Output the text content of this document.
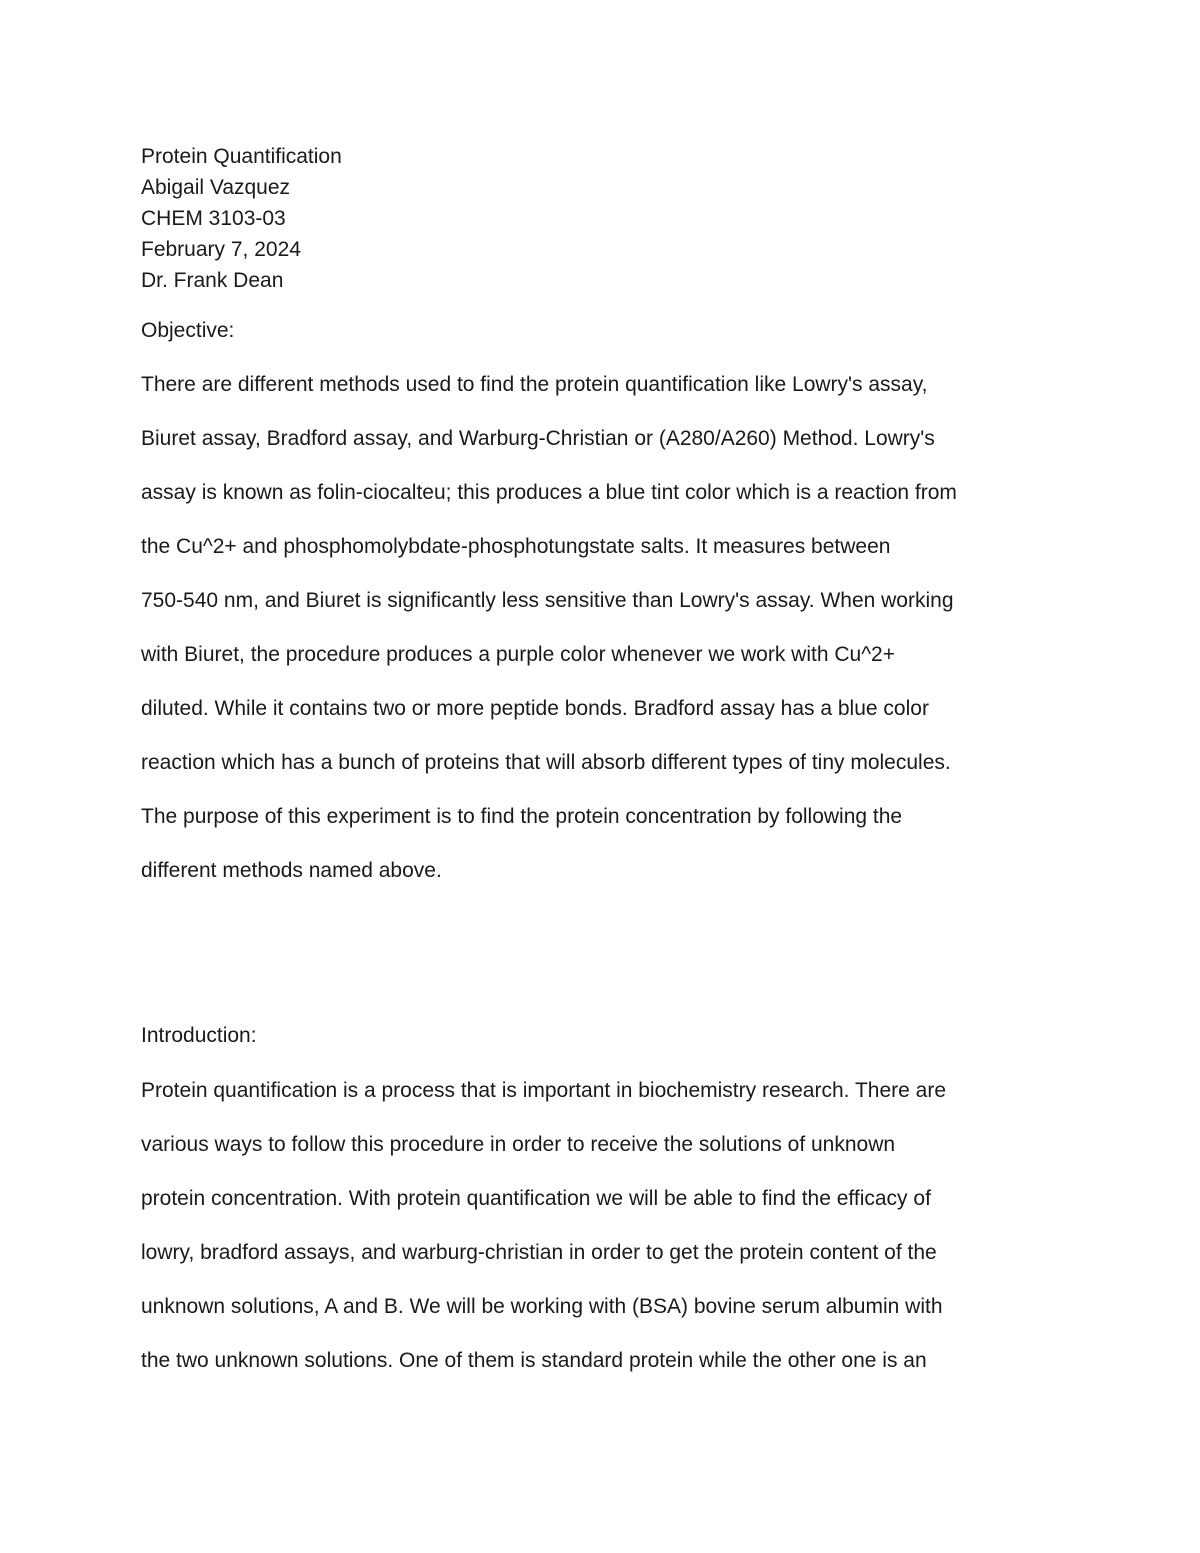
Protein Quantification
Abigail Vazquez
CHEM 3103-03
February 7, 2024
Dr. Frank Dean
Objective:
There are different methods used to find the protein quantification like Lowry's assay,
Biuret assay, Bradford assay, and Warburg-Christian or (A280/A260) Method. Lowry's
assay is known as folin-ciocalteu; this produces a blue tint color which is a reaction from
the Cu^2+ and phosphomolybdate-phosphotungstate salts. It measures between
750-540 nm, and Biuret is significantly less sensitive than Lowry's assay. When working
with Biuret, the procedure produces a purple color whenever we work with Cu^2+
diluted. While it contains two or more peptide bonds. Bradford assay has a blue color
reaction which has a bunch of proteins that will absorb different types of tiny molecules.
The purpose of this experiment is to find the protein concentration by following the
different methods named above.
Introduction:
Protein quantification is a process that is important in biochemistry research. There are
various ways to follow this procedure in order to receive the solutions of unknown
protein concentration. With protein quantification we will be able to find the efficacy of
lowry, bradford assays, and warburg-christian in order to get the protein content of the
unknown solutions, A and B. We will be working with (BSA) bovine serum albumin with
the two unknown solutions. One of them is standard protein while the other one is an
